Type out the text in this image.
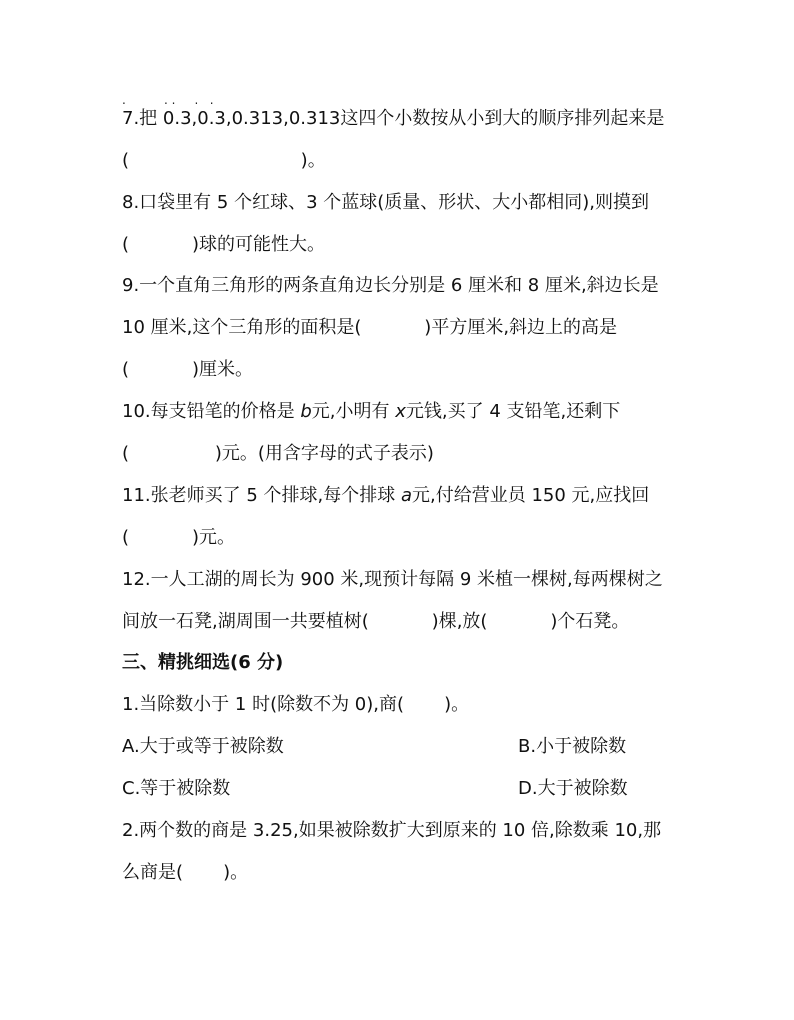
.          . .     .   .

7.把 0.3,0.3,0.313,0.313这四个小数按从小到大的顺序排列起来是

(                              )。

8.口袋里有 5 个红球、3 个蓝球(质量、形状、大小都相同),则摸到

(           )球的可能性大。

9.一个直角三角形的两条直角边长分别是 6 厘米和 8 厘米,斜边长是

10 厘米,这个三角形的面积是(           )平方厘米,斜边上的高是

(           )厘米。

10.每支铅笔的价格是 b元,小明有 x元钱,买了 4 支铅笔,还剩下

(               )元。(用含字母的式子表示)

11.张老师买了 5 个排球,每个排球 a元,付给营业员 150 元,应找回

(           )元。

12.一人工湖的周长为 900 米,现预计每隔 9 米植一棵树,每两棵树之

间放一石凳,湖周围一共要植树(           )棵,放(           )个石凳。

三、精挑细选(6 分)

1.当除数小于 1 时(除数不为 0),商(       )。

A.大于或等于被除数	B.小于被除数

C.等于被除数	D.大于被除数

2.两个数的商是 3.25,如果被除数扩大到原来的 10 倍,除数乘 10,那

么商是(       )。
